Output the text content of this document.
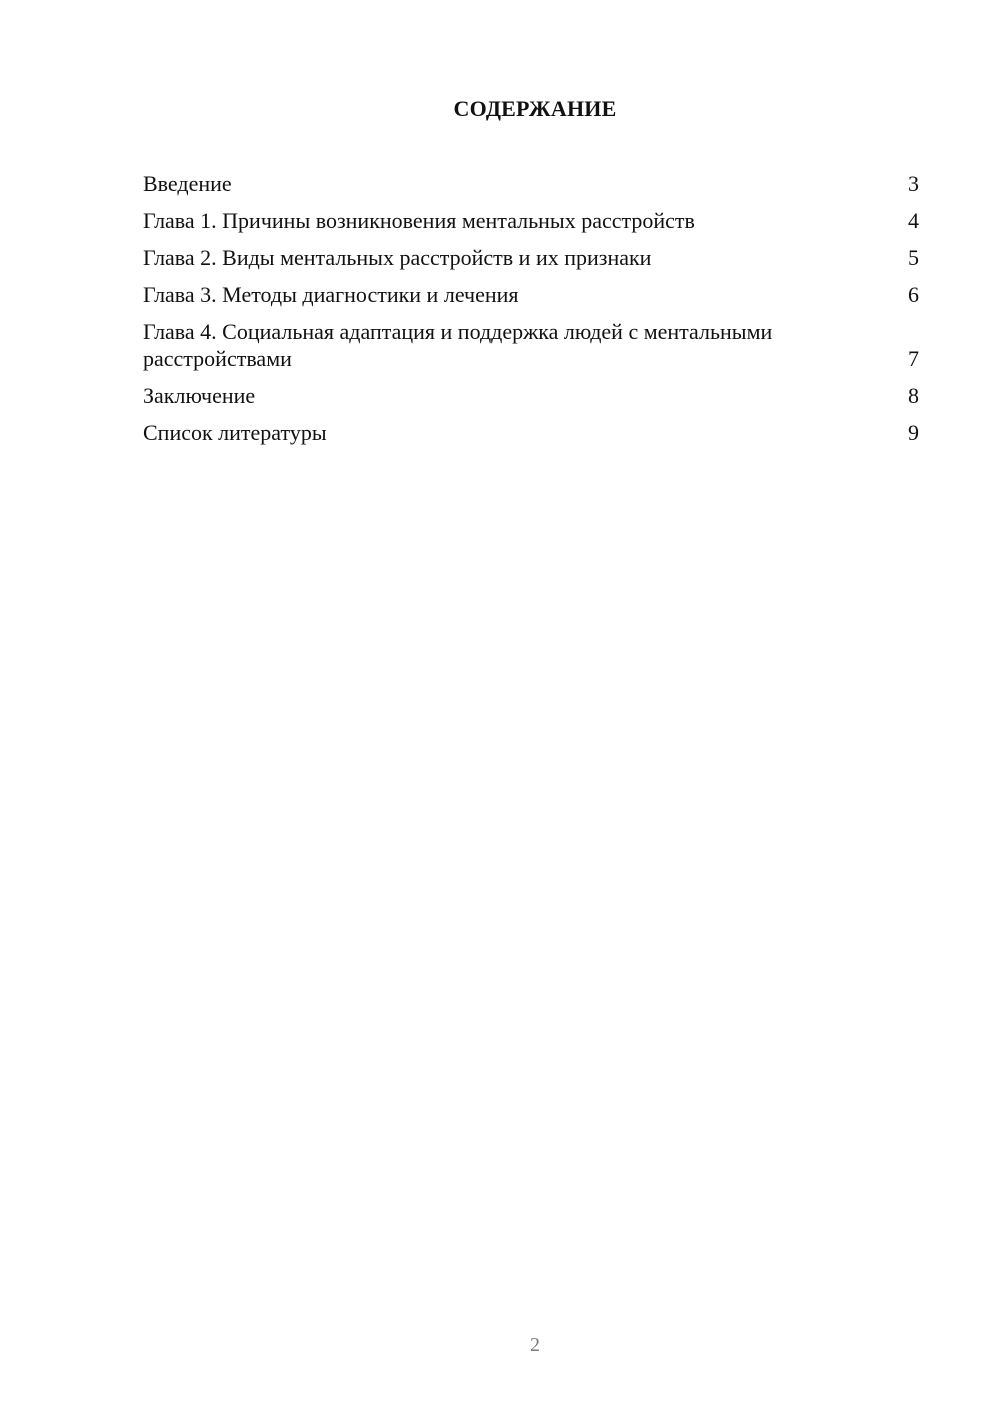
СОДЕРЖАНИЕ
Введение	3
Глава 1. Причины возникновения ментальных расстройств	4
Глава 2. Виды ментальных расстройств и их признаки	5
Глава 3. Методы диагностики и лечения	6
Глава 4. Социальная адаптация и поддержка людей с ментальными расстройствами	7
Заключение	8
Список литературы	9
2
